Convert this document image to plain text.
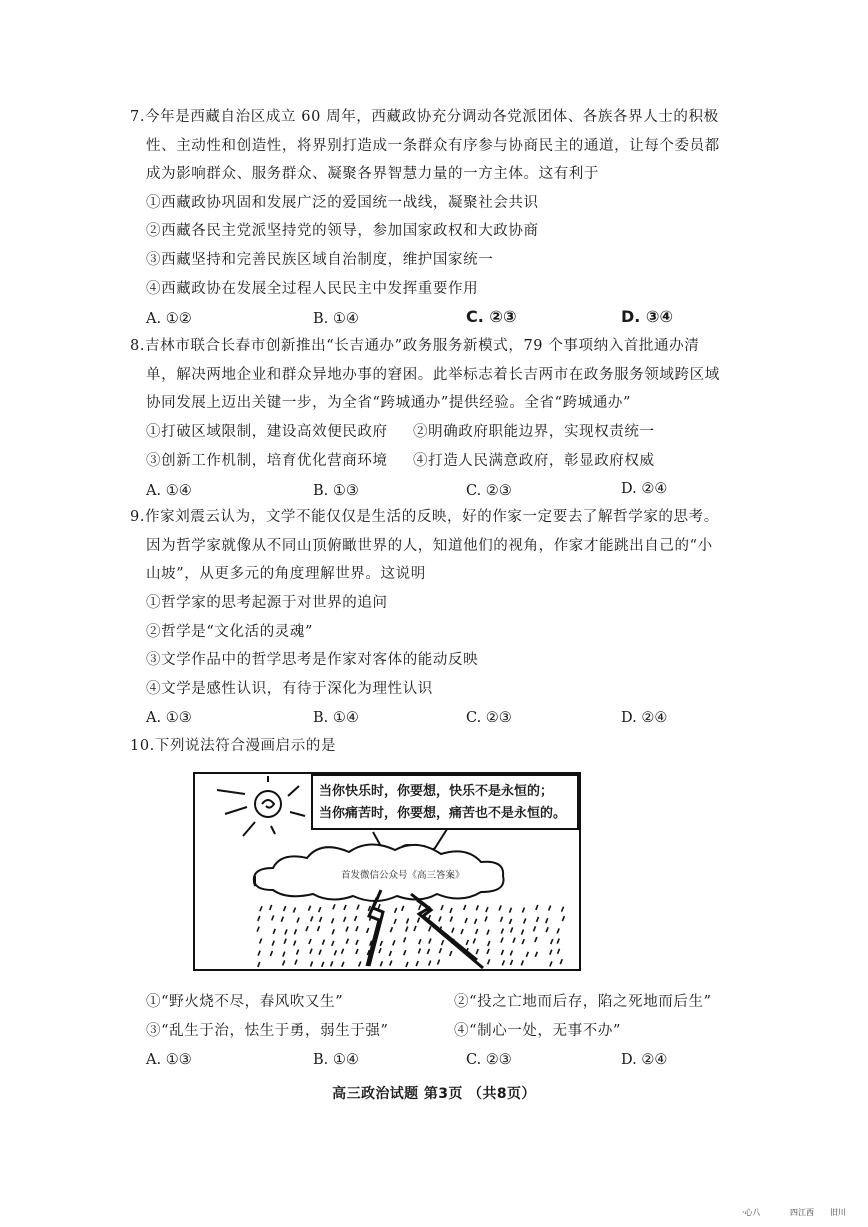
7.今年是西藏自治区成立 60 周年，西藏政协充分调动各党派团体、各族各界人士的积极
性、主动性和创造性，将界别打造成一条群众有序参与协商民主的通道，让每个委员都
成为影响群众、服务群众、凝聚各界智慧力量的一方主体。这有利于
①西藏政协巩固和发展广泛的爱国统一战线，凝聚社会共识
②西藏各民主党派坚持党的领导，参加国家政权和大政协商
③西藏坚持和完善民族区域自治制度，维护国家统一
④西藏政协在发展全过程人民民主中发挥重要作用
A. ①②	B. ①④	C. ②③	D. ③④
8.吉林市联合长春市创新推出“长吉通办”政务服务新模式，79 个事项纳入首批通办清
单，解决两地企业和群众异地办事的窘困。此举标志着长吉两市在政务服务领域跨区域
协同发展上迈出关键一步，为全省“跨城通办”提供经验。全省“跨城通办”
①打破区域限制，建设高效便民政府 ②明确政府职能边界，实现权责统一
③创新工作机制，培育优化营商环境 ④打造人民满意政府，彰显政府权威
A. ①④	B. ①③	C. ②③	D. ②④
9.作家刘震云认为，文学不能仅仅是生活的反映，好的作家一定要去了解哲学家的思考。
因为哲学家就像从不同山顶俯瞰世界的人，知道他们的视角，作家才能跳出自己的“小
山坡”，从更多元的角度理解世界。这说明
①哲学家的思考起源于对世界的追问
②哲学是“文化活的灵魂”
③文学作品中的哲学思考是作家对客体的能动反映
④文学是感性认识，有待于深化为理性认识
A. ①③	B. ①④	C. ②③	D. ②④
10.下列说法符合漫画启示的是
当你快乐时，你要想，快乐不是永恒的；
当你痛苦时，你要想，痛苦也不是永恒的。
首发微信公众号《高三答案》
①“野火烧不尽，春风吹又生”	②“投之亡地而后存，陷之死地而后生”
③“乱生于治，怯生于勇，弱生于强”	④“制心一处，无事不办”
A. ①③	B. ①④	C. ②③	D. ②④
高三政治试题 第3页 （共8页）
·心八	四江西 旧川
